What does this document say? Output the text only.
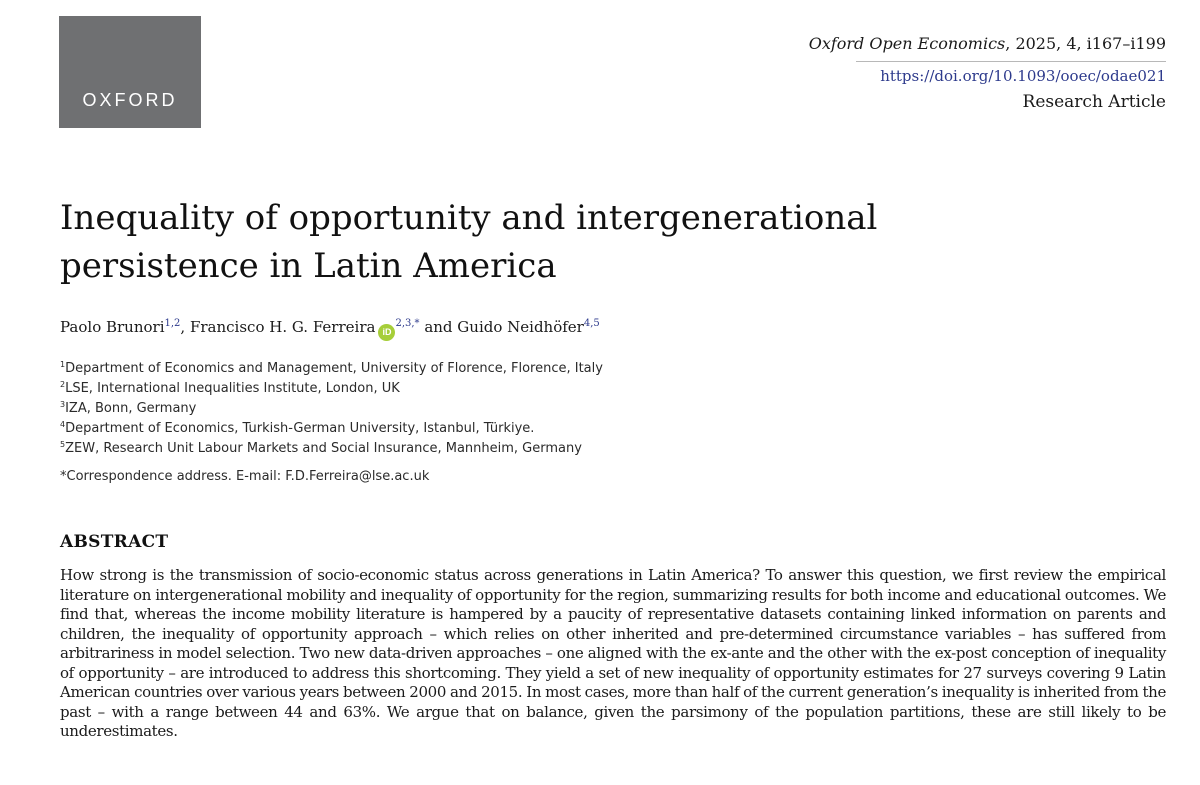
OXFORD
Oxford Open Economics, 2025, 4, i167–i199
https://doi.org/10.1093/ooec/odae021
Research Article
Inequality of opportunity and intergenerational persistence in Latin America
Paolo Brunori$^{1,2}$, Francisco H. G. Ferreira $iD^{2,3,*}$ and Guido Neidhöfer$^{4,5}$
$^1$Department of Economics and Management, University of Florence, Florence, Italy
$^2$LSE, International Inequalities Institute, London, UK
$^3$IZA, Bonn, Germany
$^4$Department of Economics, Turkish-German University, Istanbul, Türkiye.
$^5$ZEW, Research Unit Labour Markets and Social Insurance, Mannheim, Germany
*Correspondence address. E-mail: F.D.Ferreira@lse.ac.uk
ABSTRACT

How strong is the transmission of socio-economic status across generations in Latin America? To answer this question, we first review the empirical literature on intergenerational mobility and inequality of opportunity for the region, summarizing results for both income and educational outcomes. We find that, whereas the income mobility literature is hampered by a paucity of representative datasets containing linked information on parents and children, the inequality of opportunity approach – which relies on other inherited and pre-determined circumstance variables – has suffered from arbitrariness in model selection. Two new data-driven approaches – one aligned with the ex-ante and the other with the ex-post conception of inequality of opportunity – are introduced to address this shortcoming. They yield a set of new inequality of opportunity estimates for 27 surveys covering 9 Latin American countries over various years between 2000 and 2015. In most cases, more than half of the current generation’s inequality is inherited from the past – with a range between 44 and 63%. We argue that on balance, given the parsimony of the population partitions, these are still likely to be underestimates.
